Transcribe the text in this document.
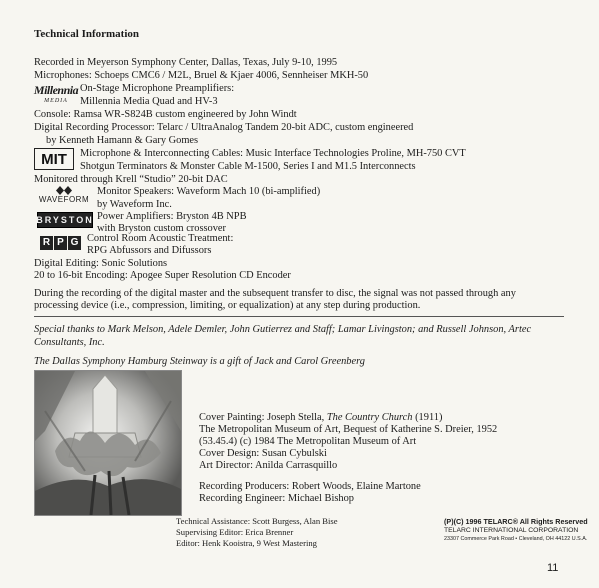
Technical Information
Recorded in Meyerson Symphony Center, Dallas, Texas, July 9-10, 1995
Microphones: Schoeps CMC6 / M2L, Bruel & Kjaer 4006, Sennheiser MKH-50
Millennia
MEDIA
On-Stage Microphone Preamplifiers:
Millennia Media Quad and HV-3
Console: Ramsa WR-S824B custom engineered by John Windt
Digital Recording Processor: Telarc / UltraAnalog Tandem 20-bit ADC, custom engineered
by Kenneth Hamann & Gary Gomes
MIT Microphone & Interconnecting Cables: Music Interface Technologies Proline, MH-750 CVT
Shotgun Terminators & Monster Cable M-1500, Series I and M1.5 Interconnects
Monitored through Krell “Studio” 20-bit DAC
WAVEFORM
Monitor Speakers: Waveform Mach 10 (bi-amplified)
by Waveform Inc.
BRYSTON Power Amplifiers: Bryston 4B NPB
with Bryston custom crossover
R P G Control Room Acoustic Treatment:
RPG Abfussors and Difussors
Digital Editing: Sonic Solutions
20 to 16-bit Encoding: Apogee Super Resolution CD Encoder
During the recording of the digital master and the subsequent transfer to disc, the signal was not passed through any
processing device (i.e., compression, limiting, or equalization) at any step during production.
Special thanks to Mark Melson, Adele Demler, John Gutierrez and Staff; Lamar Livingston; and Russell Johnson, Artec
Consultants, Inc.
The Dallas Symphony Hamburg Steinway is a gift of Jack and Carol Greenberg
Cover Painting: Joseph Stella, The Country Church (1911)
The Metropolitan Museum of Art, Bequest of Katherine S. Dreier, 1952
(53.45.4) (c) 1984 The Metropolitan Museum of Art
Cover Design: Susan Cybulski
Art Director: Anilda Carrasquillo
Recording Producers: Robert Woods, Elaine Martone
Recording Engineer: Michael Bishop
Technical Assistance: Scott Burgess, Alan Bise
Supervising Editor: Erica Brenner
Editor: Henk Kooistra, 9 West Mastering
(P)(C) 1996 TELARC® All Rights Reserved
TELARC INTERNATIONAL CORPORATION
23307 Commerce Park Road • Cleveland, OH 44122 U.S.A.
11
